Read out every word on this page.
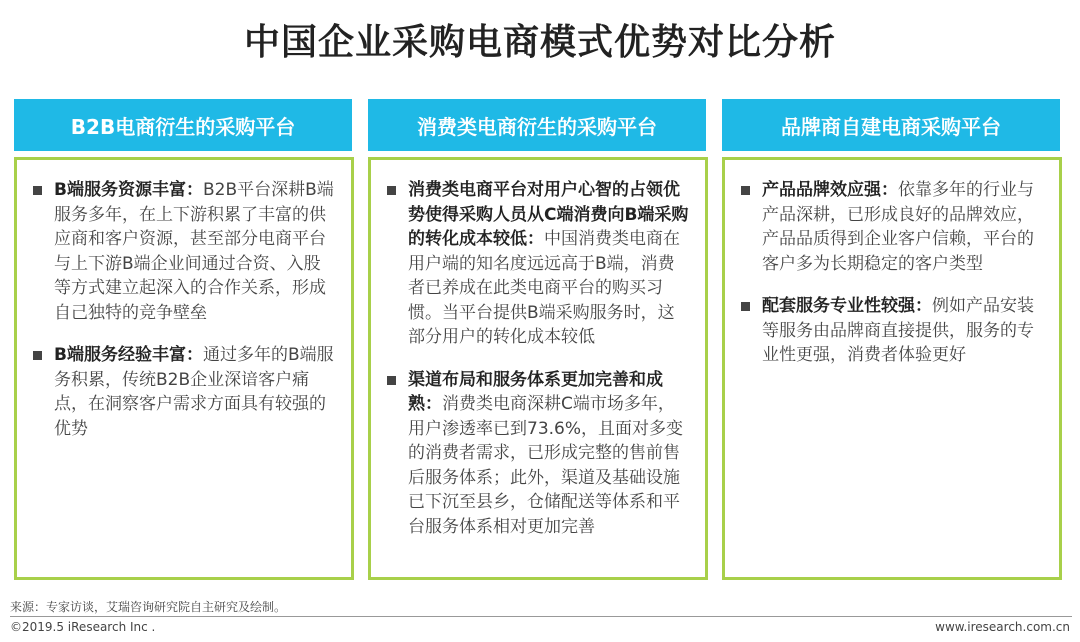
中国企业采购电商模式优势对比分析
B2B电商衍生的采购平台
B端服务资源丰富：B2B平台深耕B端服务多年，在上下游积累了丰富的供应商和客户资源，甚至部分电商平台与上下游B端企业间通过合资、入股等方式建立起深入的合作关系，形成自己独特的竞争壁垒
B端服务经验丰富：通过多年的B端服务积累，传统B2B企业深谙客户痛点，在洞察客户需求方面具有较强的优势
消费类电商衍生的采购平台
消费类电商平台对用户心智的占领优势使得采购人员从C端消费向B端采购的转化成本较低：中国消费类电商在用户端的知名度远远高于B端，消费者已养成在此类电商平台的购买习惯。当平台提供B端采购服务时，这部分用户的转化成本较低
渠道布局和服务体系更加完善和成熟：消费类电商深耕C端市场多年，用户渗透率已到73.6%，且面对多变的消费者需求，已形成完整的售前售后服务体系；此外，渠道及基础设施已下沉至县乡，仓储配送等体系和平台服务体系相对更加完善
品牌商自建电商采购平台
产品品牌效应强：依靠多年的行业与产品深耕，已形成良好的品牌效应，产品品质得到企业客户信赖，平台的客户多为长期稳定的客户类型
配套服务专业性较强：例如产品安装等服务由品牌商直接提供，服务的专业性更强，消费者体验更好
来源：专家访谈，艾瑞咨询研究院自主研究及绘制。
©2019.5 iResearch Inc .	www.iresearch.com.cn
